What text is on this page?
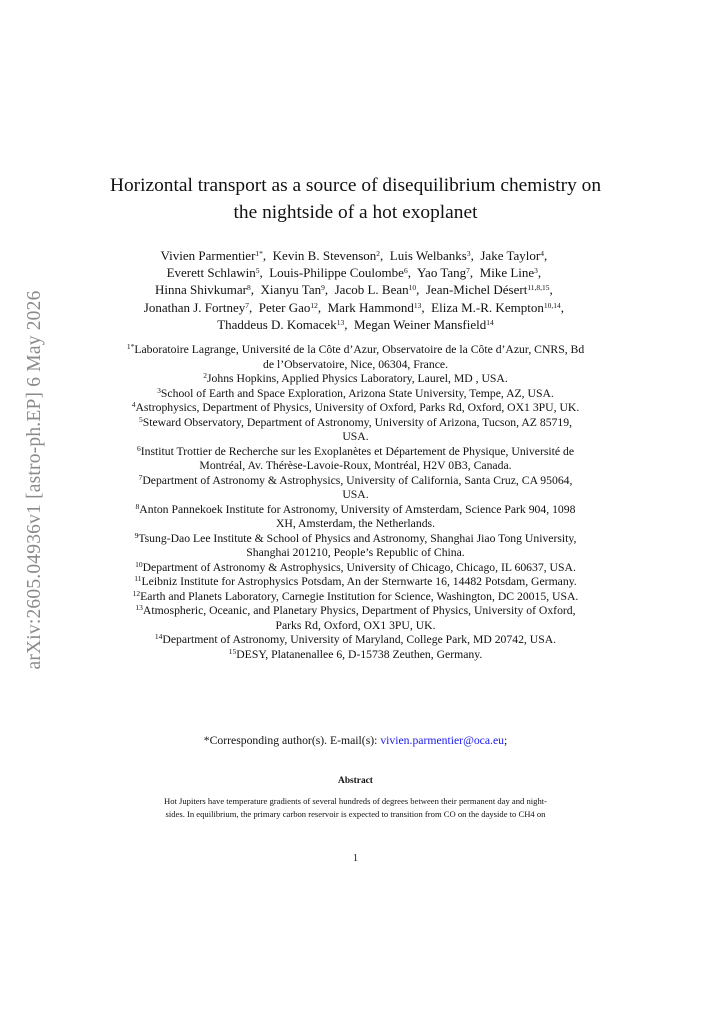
arXiv:2605.04936v1 [astro-ph.EP] 6 May 2026
Horizontal transport as a source of disequilibrium chemistry on
the nightside of a hot exoplanet
Vivien Parmentier$^{1*}$,  Kevin B. Stevenson$^2$,  Luis Welbanks$^3$,  Jake Taylor$^4$,
Everett Schlawin$^5$,  Louis-Philippe Coulombe$^6$,  Yao Tang$^7$,  Mike Line$^3$,
Hinna Shivkumar$^8$,  Xianyu Tan$^9$,  Jacob L. Bean$^{10}$,  Jean-Michel Désert$^{11,8,15}$,
Jonathan J. Fortney$^7$,  Peter Gao$^{12}$,  Mark Hammond$^{13}$,  Eliza M.-R. Kempton$^{10,14}$,
Thaddeus D. Komacek$^{13}$,  Megan Weiner Mansfield$^{14}$
$^{1*}$Laboratoire Lagrange, Université de la Côte d’Azur, Observatoire de la Côte d’Azur, CNRS, Bd
de l’Observatoire, Nice, 06304, France.
$^2$Johns Hopkins, Applied Physics Laboratory, Laurel, MD , USA.
$^3$School of Earth and Space Exploration, Arizona State University, Tempe, AZ, USA.
$^4$Astrophysics, Department of Physics, University of Oxford, Parks Rd, Oxford, OX1 3PU, UK.
$^5$Steward Observatory, Department of Astronomy, University of Arizona, Tucson, AZ 85719,
USA.
$^6$Institut Trottier de Recherche sur les Exoplanètes et Département de Physique, Université de
Montréal, Av. Thérèse-Lavoie-Roux, Montréal, H2V 0B3, Canada.
$^7$Department of Astronomy & Astrophysics, University of California, Santa Cruz, CA 95064,
USA.
$^8$Anton Pannekoek Institute for Astronomy, University of Amsterdam, Science Park 904, 1098
XH, Amsterdam, the Netherlands.
$^9$Tsung-Dao Lee Institute & School of Physics and Astronomy, Shanghai Jiao Tong University,
Shanghai 201210, People’s Republic of China.
$^{10}$Department of Astronomy & Astrophysics, University of Chicago, Chicago, IL 60637, USA.
$^{11}$Leibniz Institute for Astrophysics Potsdam, An der Sternwarte 16, 14482 Potsdam, Germany.
$^{12}$Earth and Planets Laboratory, Carnegie Institution for Science, Washington, DC 20015, USA.
$^{13}$Atmospheric, Oceanic, and Planetary Physics, Department of Physics, University of Oxford,
Parks Rd, Oxford, OX1 3PU, UK.
$^{14}$Department of Astronomy, University of Maryland, College Park, MD 20742, USA.
$^{15}$DESY, Platanenallee 6, D-15738 Zeuthen, Germany.
*Corresponding author(s). E-mail(s): vivien.parmentier@oca.eu;
Abstract
Hot Jupiters have temperature gradients of several hundreds of degrees between their permanent day and night-
sides. In equilibrium, the primary carbon reservoir is expected to transition from CO on the dayside to CH4 on
1
